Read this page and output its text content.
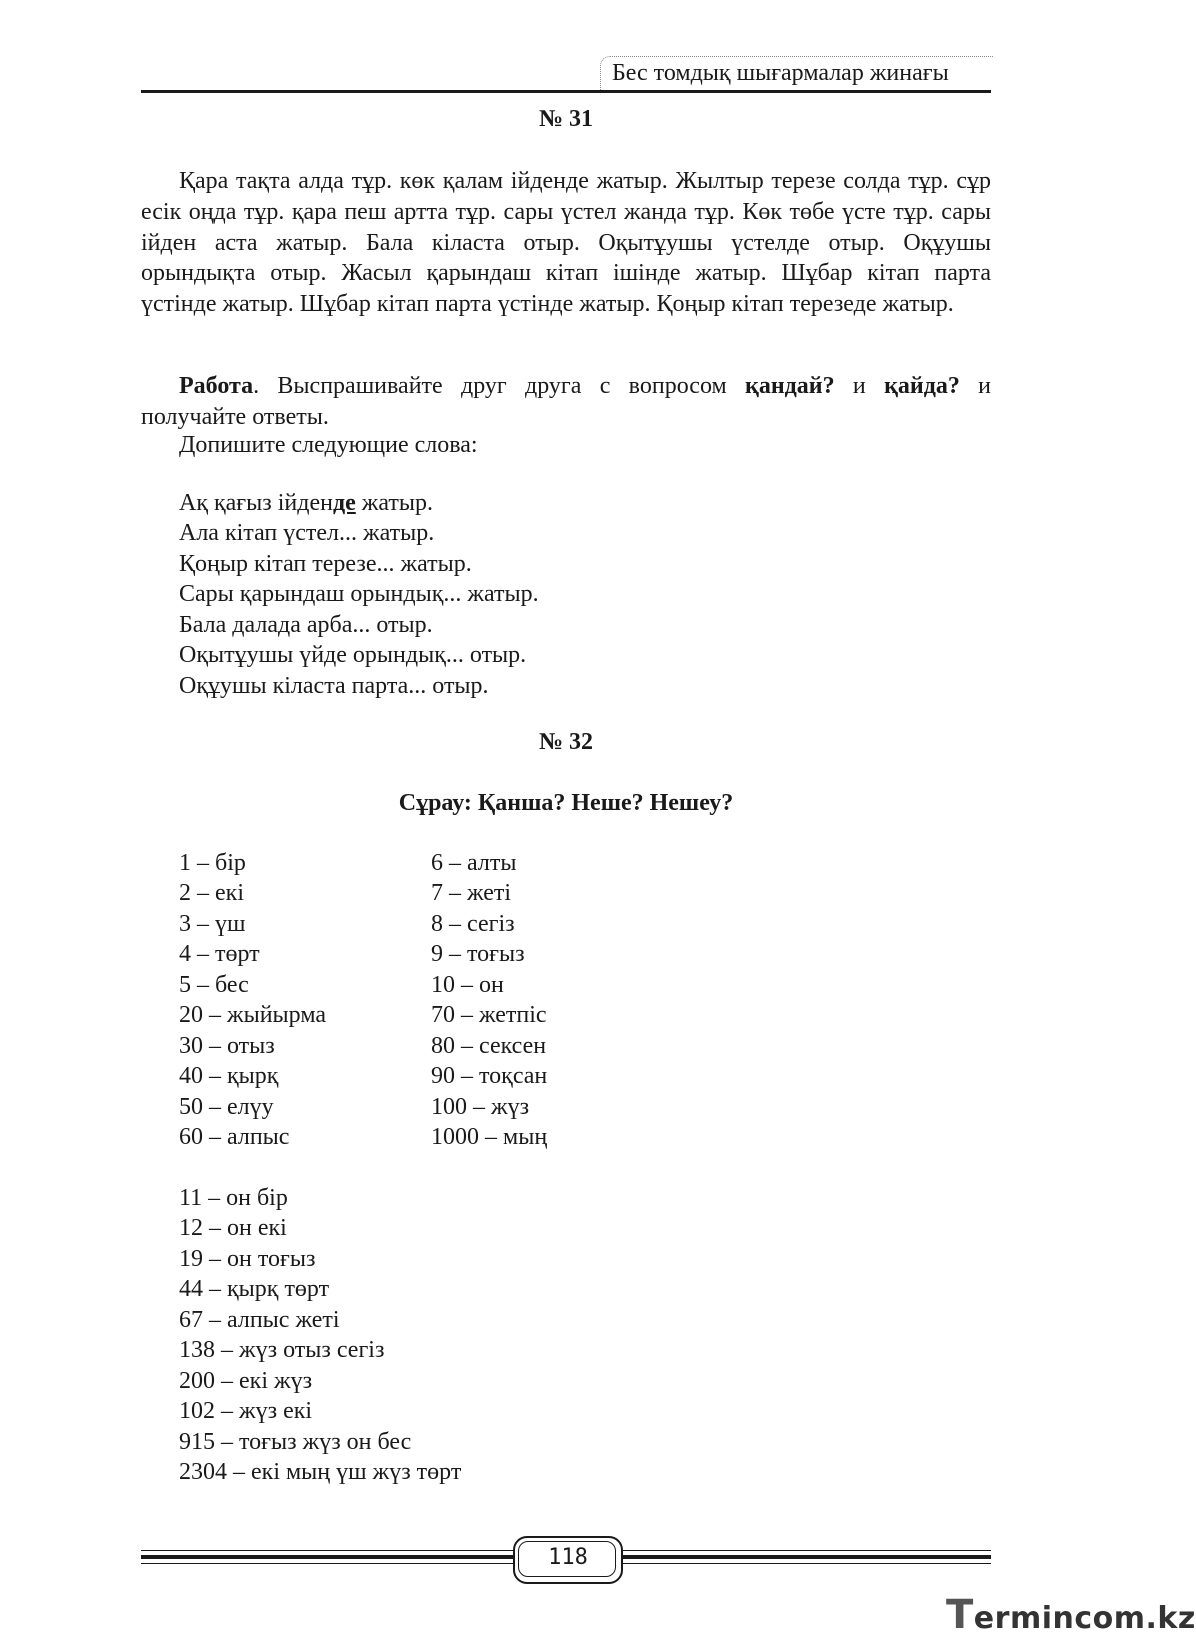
Бес томдық шығармалар жинағы
№ 31

Қара тақта алда тұр. көк қалам ійденде жатыр. Жылтыр терезе солда тұр. сұр есік оңда тұр. қара пеш артта тұр. сары үстел жанда тұр. Көк төбе үсте тұр. сары ійден аста жатыр. Бала кіласта отыр. Оқытұушы үстелде отыр. Оқұушы орындықта отыр. Жасыл қарындаш кітап ішінде жатыр. Шұбар кітап парта үстінде жатыр. Шұбар кітап парта үстінде жатыр. Қоңыр кітап терезеде жатыр.

Работа. Выспрашивайте друг друга с вопросом қандай? и қайда? и получайте ответы.

Допишите следующие слова:
Ақ қағыз ійденде жатыр.
Ала кітап үстел... жатыр.
Қоңыр кітап терезе... жатыр.
Сары қарындаш орындық... жатыр.
Бала далада арба... отыр.
Оқытұушы үйде орындық... отыр.
Оқұушы кіласта парта... отыр.
№ 32
Сұрау: Қанша? Неше? Нешеу?
1 – бір
2 – екі
3 – үш
4 – төрт
5 – бес
20 – жыйырма
30 – отыз
40 – қырқ
50 – елүу
60 – алпыс
6 – алты
7 – жеті
8 – сегіз
9 – тоғыз
10 – он
70 – жетпіс
80 – сексен
90 – тоқсан
100 – жүз
1000 – мың
11 – он бір
12 – он екі
19 – он тоғыз
44 – қырқ төрт
67 – алпыс жеті
138 – жүз отыз сегіз
200 – екі жүз
102 – жүз екі
915 – тоғыз жүз он бес
2304 – екі мың үш жүз төрт
118
Termincom.kz
